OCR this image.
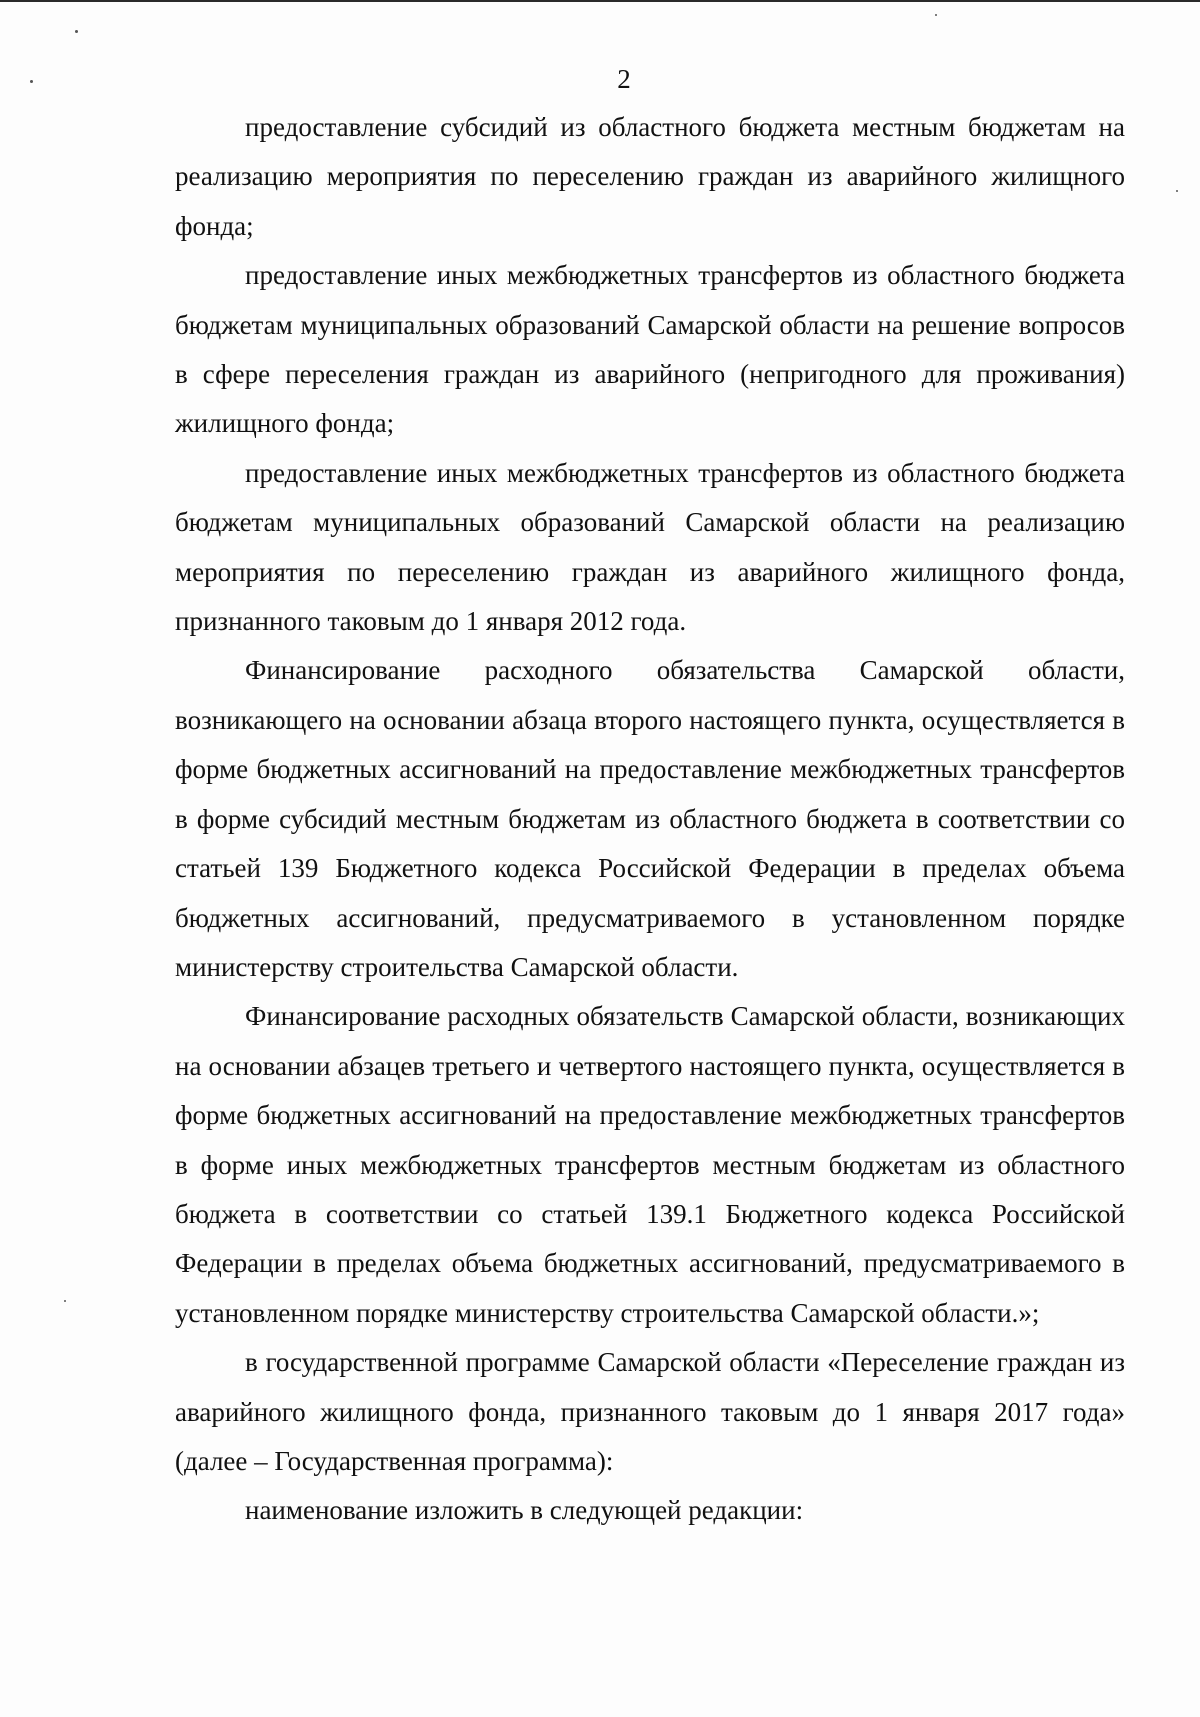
2

предоставление субсидий из областного бюджета местным бюджетам на реализацию мероприятия по переселению граждан из аварийного жилищного фонда;

предоставление иных межбюджетных трансфертов из областного бюджета бюджетам муниципальных образований Самарской области на решение вопросов в сфере переселения граждан из аварийного (непригодного для проживания) жилищного фонда;

предоставление иных межбюджетных трансфертов из областного бюджета бюджетам муниципальных образований Самарской области на реализацию мероприятия по переселению граждан из аварийного жилищного фонда, признанного таковым до 1 января 2012 года.

Финансирование расходного обязательства Самарской области, возникающего на основании абзаца второго настоящего пункта, осуществляется в форме бюджетных ассигнований на предоставление межбюджетных трансфертов в форме субсидий местным бюджетам из областного бюджета в соответствии со статьей 139 Бюджетного кодекса Российской Федерации в пределах объема бюджетных ассигнований, предусматриваемого в установленном порядке министерству строительства Самарской области.

Финансирование расходных обязательств Самарской области, возникающих на основании абзацев третьего и четвертого настоящего пункта, осуществляется в форме бюджетных ассигнований на предоставление межбюджетных трансфертов в форме иных межбюджетных трансфертов местным бюджетам из областного бюджета в соответствии со статьей 139.1 Бюджетного кодекса Российской Федерации в пределах объема бюджетных ассигнований, предусматриваемого в установленном порядке министерству строительства Самарской области.»;

в государственной программе Самарской области «Переселение граждан из аварийного жилищного фонда, признанного таковым до 1 января 2017 года» (далее – Государственная программа):

наименование изложить в следующей редакции:
